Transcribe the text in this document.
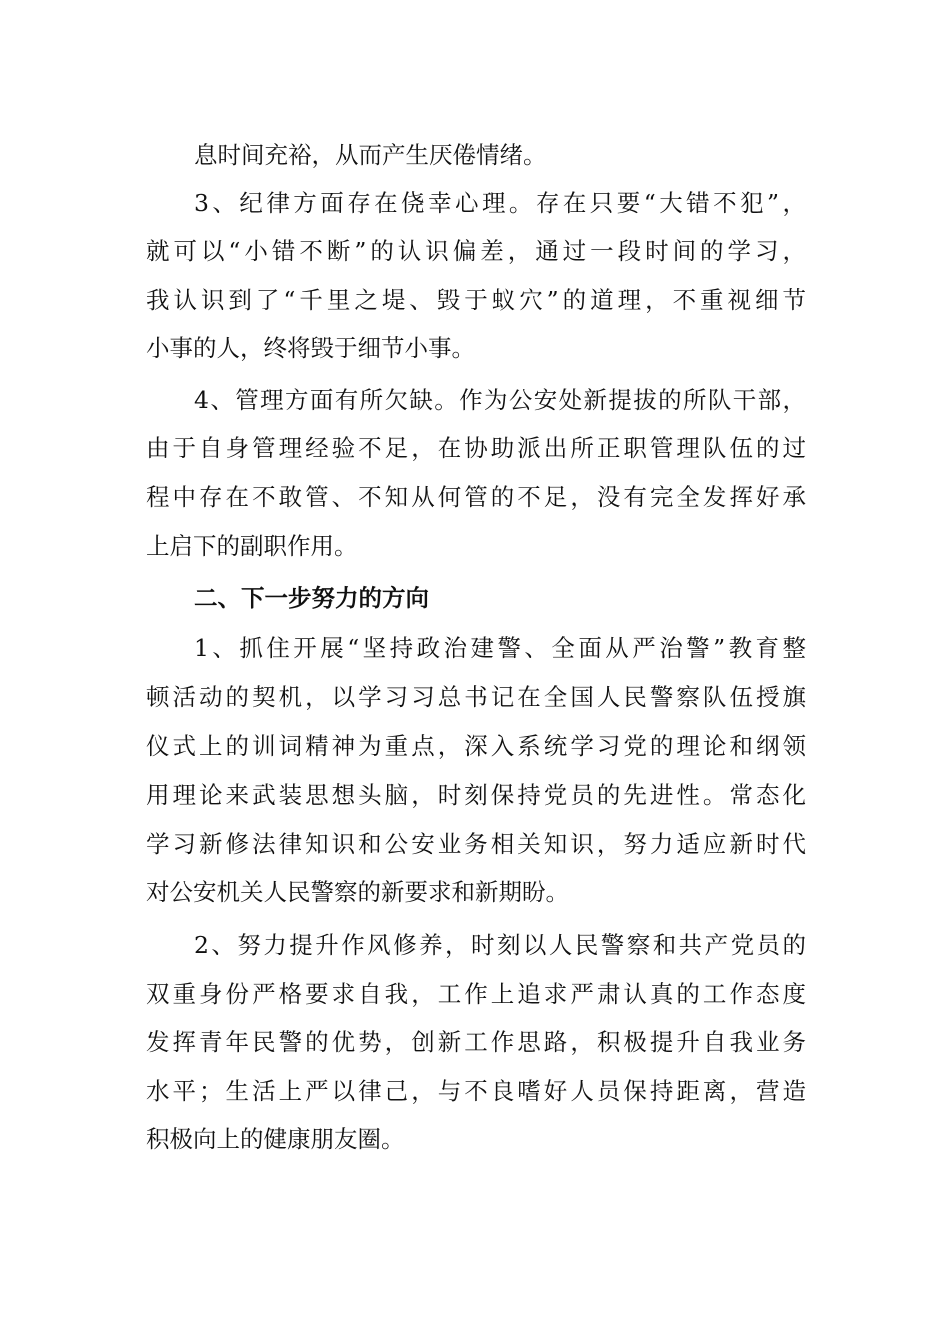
息时间充裕，从而产生厌倦情绪。
3、纪律方面存在侥幸心理。存在只要“大错不犯”，
就可以“小错不断”的认识偏差，通过一段时间的学习，
我认识到了“千里之堤、毁于蚁穴”的道理，不重视细节
小事的人，终将毁于细节小事。
4、管理方面有所欠缺。作为公安处新提拔的所队干部，
由于自身管理经验不足，在协助派出所正职管理队伍的过
程中存在不敢管、不知从何管的不足，没有完全发挥好承
上启下的副职作用。
二、下一步努力的方向
1、抓住开展“坚持政治建警、全面从严治警”教育整
顿活动的契机，以学习习总书记在全国人民警察队伍授旗
仪式上的训词精神为重点，深入系统学习党的理论和纲领
用理论来武装思想头脑，时刻保持党员的先进性。常态化
学习新修法律知识和公安业务相关知识，努力适应新时代
对公安机关人民警察的新要求和新期盼。
2、努力提升作风修养，时刻以人民警察和共产党员的
双重身份严格要求自我，工作上追求严肃认真的工作态度
发挥青年民警的优势，创新工作思路，积极提升自我业务
水平；生活上严以律己，与不良嗜好人员保持距离，营造
积极向上的健康朋友圈。
